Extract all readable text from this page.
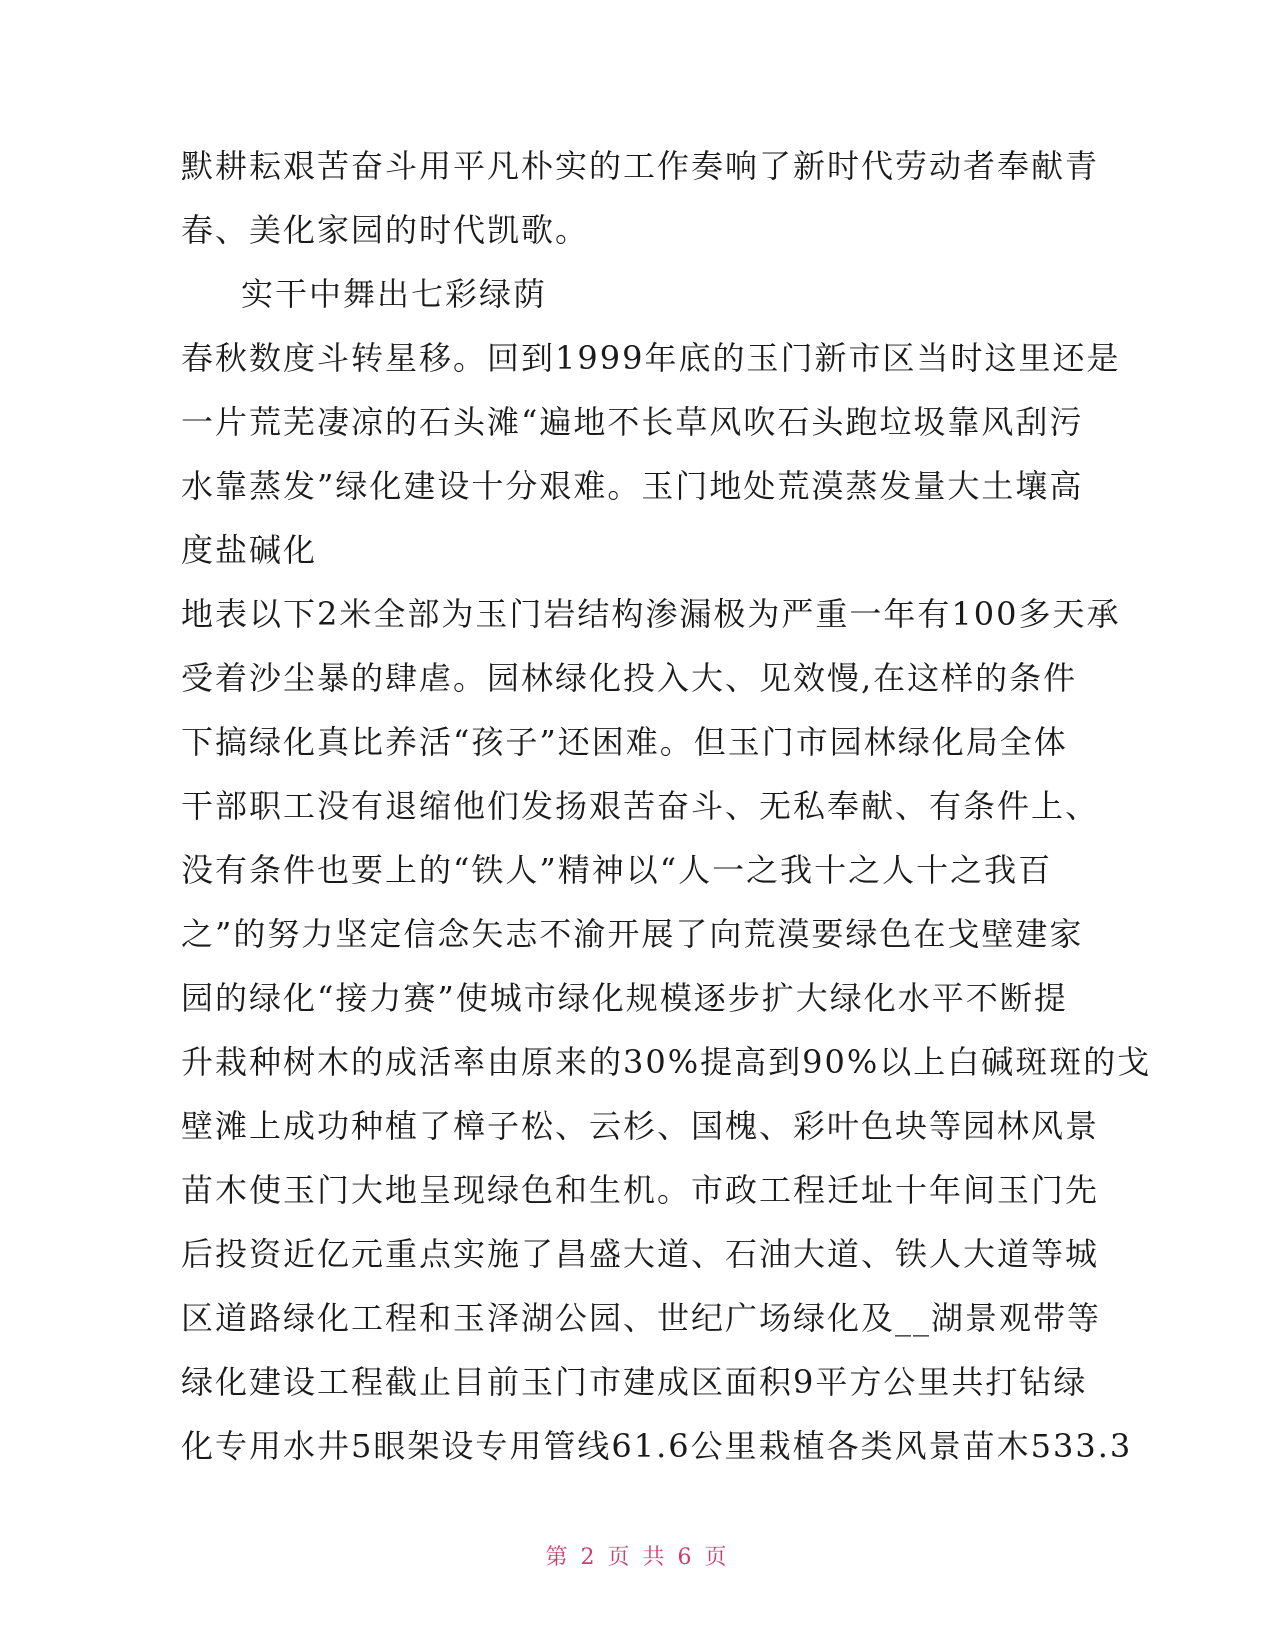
默耕耘艰苦奋斗用平凡朴实的工作奏响了新时代劳动者奉献青
春、美化家园的时代凯歌。
实干中舞出七彩绿荫
春秋数度斗转星移。回到1999年底的玉门新市区当时这里还是
一片荒芜凄凉的石头滩“遍地不长草风吹石头跑垃圾靠风刮污
水靠蒸发”绿化建设十分艰难。玉门地处荒漠蒸发量大土壤高
度盐碱化
地表以下2米全部为玉门岩结构渗漏极为严重一年有100多天承
受着沙尘暴的肆虐。园林绿化投入大、见效慢,在这样的条件
下搞绿化真比养活“孩子”还困难。但玉门市园林绿化局全体
干部职工没有退缩他们发扬艰苦奋斗、无私奉献、有条件上、
没有条件也要上的“铁人”精神以“人一之我十之人十之我百
之”的努力坚定信念矢志不渝开展了向荒漠要绿色在戈壁建家
园的绿化“接力赛”使城市绿化规模逐步扩大绿化水平不断提
升栽种树木的成活率由原来的30%提高到90%以上白碱斑斑的戈
壁滩上成功种植了樟子松、云杉、国槐、彩叶色块等园林风景
苗木使玉门大地呈现绿色和生机。市政工程迁址十年间玉门先
后投资近亿元重点实施了昌盛大道、石油大道、铁人大道等城
区道路绿化工程和玉泽湖公园、世纪广场绿化及__湖景观带等
绿化建设工程截止目前玉门市建成区面积9平方公里共打钻绿
化专用水井5眼架设专用管线61.6公里栽植各类风景苗木533.3
第 2 页 共 6 页
